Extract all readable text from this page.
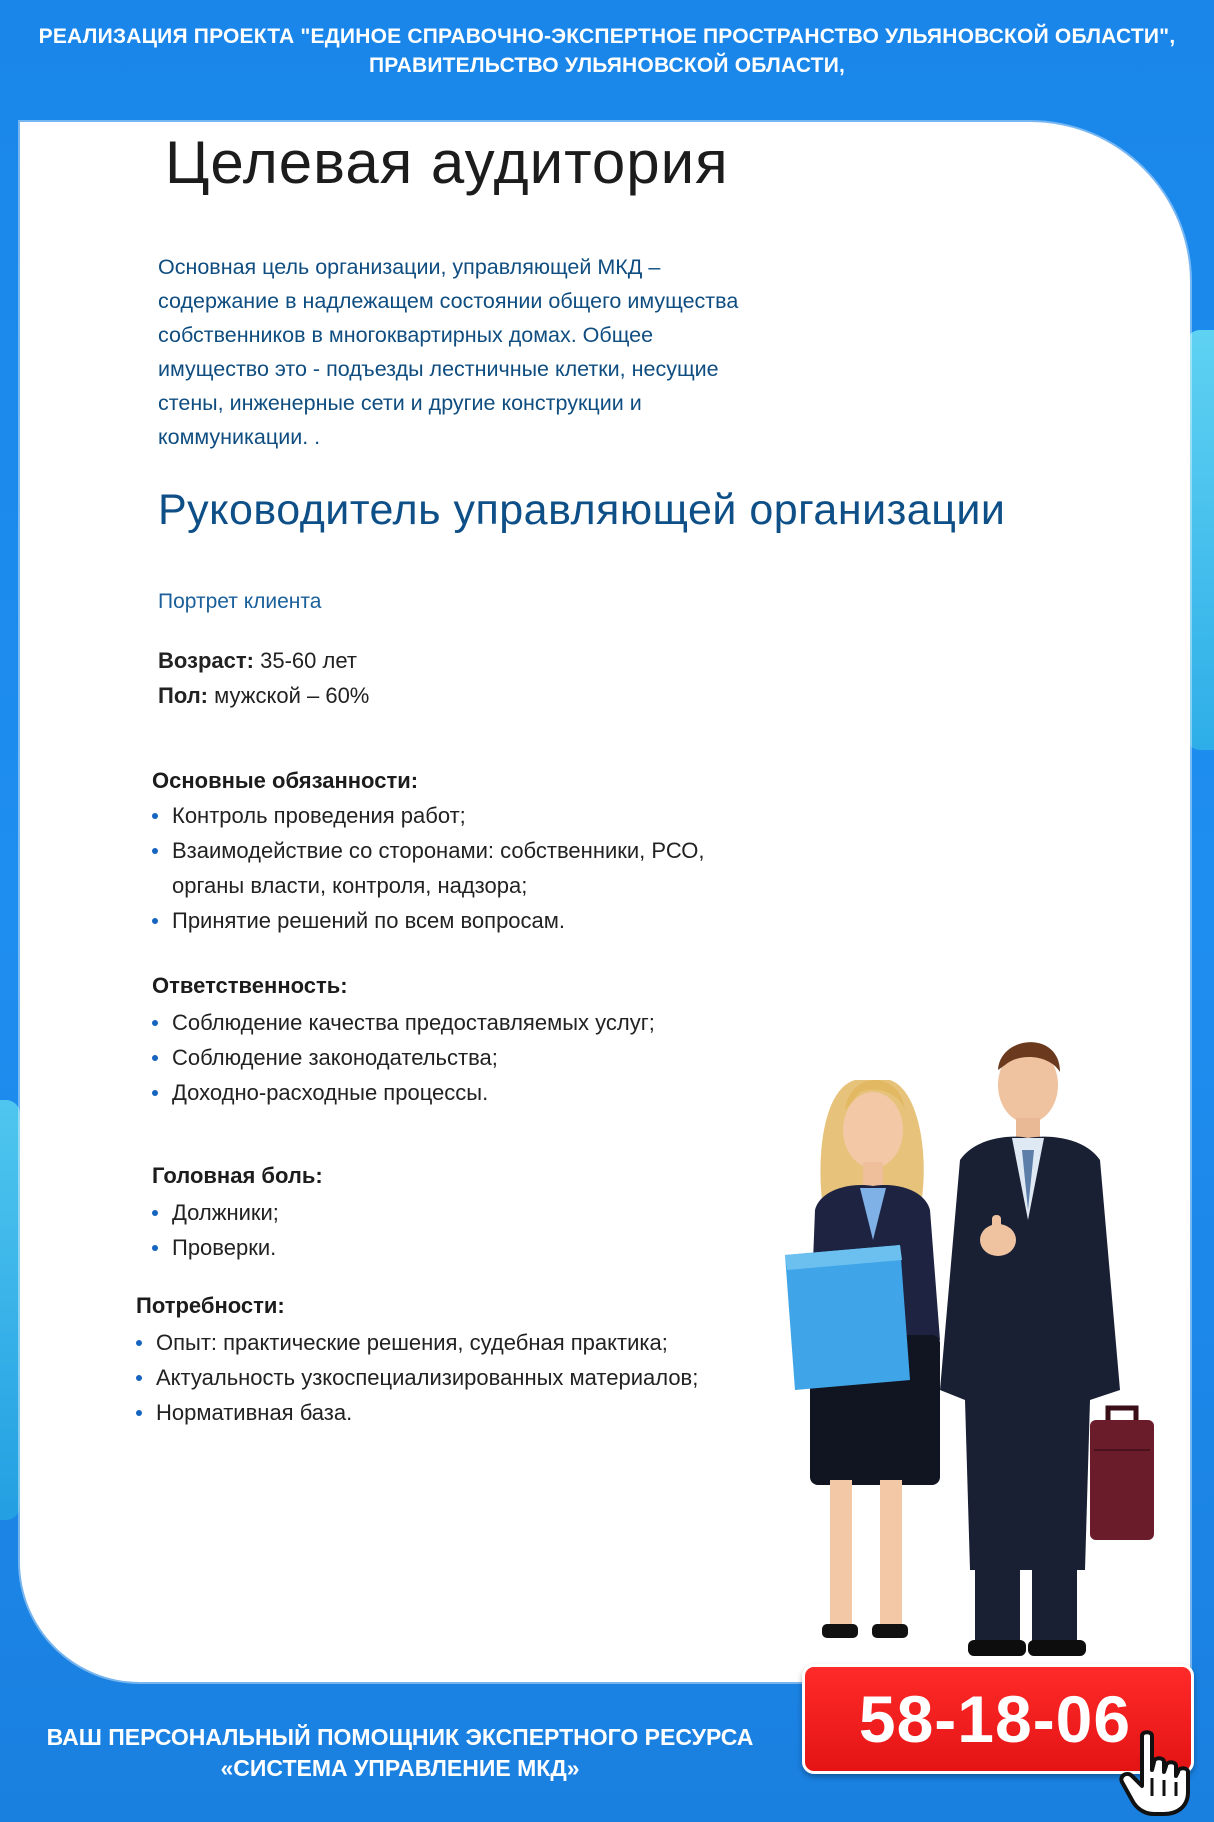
РЕАЛИЗАЦИЯ ПРОЕКТА "ЕДИНОЕ СПРАВОЧНО-ЭКСПЕРТНОЕ ПРОСТРАНСТВО УЛЬЯНОВСКОЙ ОБЛАСТИ",
ПРАВИТЕЛЬСТВО УЛЬЯНОВСКОЙ ОБЛАСТИ,
Целевая аудитория

Основная цель организации, управляющей МКД – содержание в надлежащем состоянии общего имущества собственников в многоквартирных домах. Общее имущество это - подъезды лестничные клетки, несущие стены, инженерные сети и другие конструкции и коммуникации. .

Руководитель управляющей организации
Портрет клиента
Возраст: 35-60 лет
Пол: мужской – 60%
Основные обязанности:
Контроль проведения работ;
Взаимодействие со сторонами: собственники, РСО, органы власти, контроля, надзора;
Принятие решений по всем вопросам.
Ответственность:
Соблюдение качества предоставляемых услуг;
Соблюдение законодательства;
Доходно-расходные процессы.
Головная боль:
Должники;
Проверки.
Потребности:
Опыт: практические решения, судебная практика;
Актуальность узкоспециализированных материалов;
Нормативная база.
ВАШ ПЕРСОНАЛЬНЫЙ ПОМОЩНИК ЭКСПЕРТНОГО РЕСУРСА
«СИСТЕМА УПРАВЛЕНИЕ МКД»
58-18-06
